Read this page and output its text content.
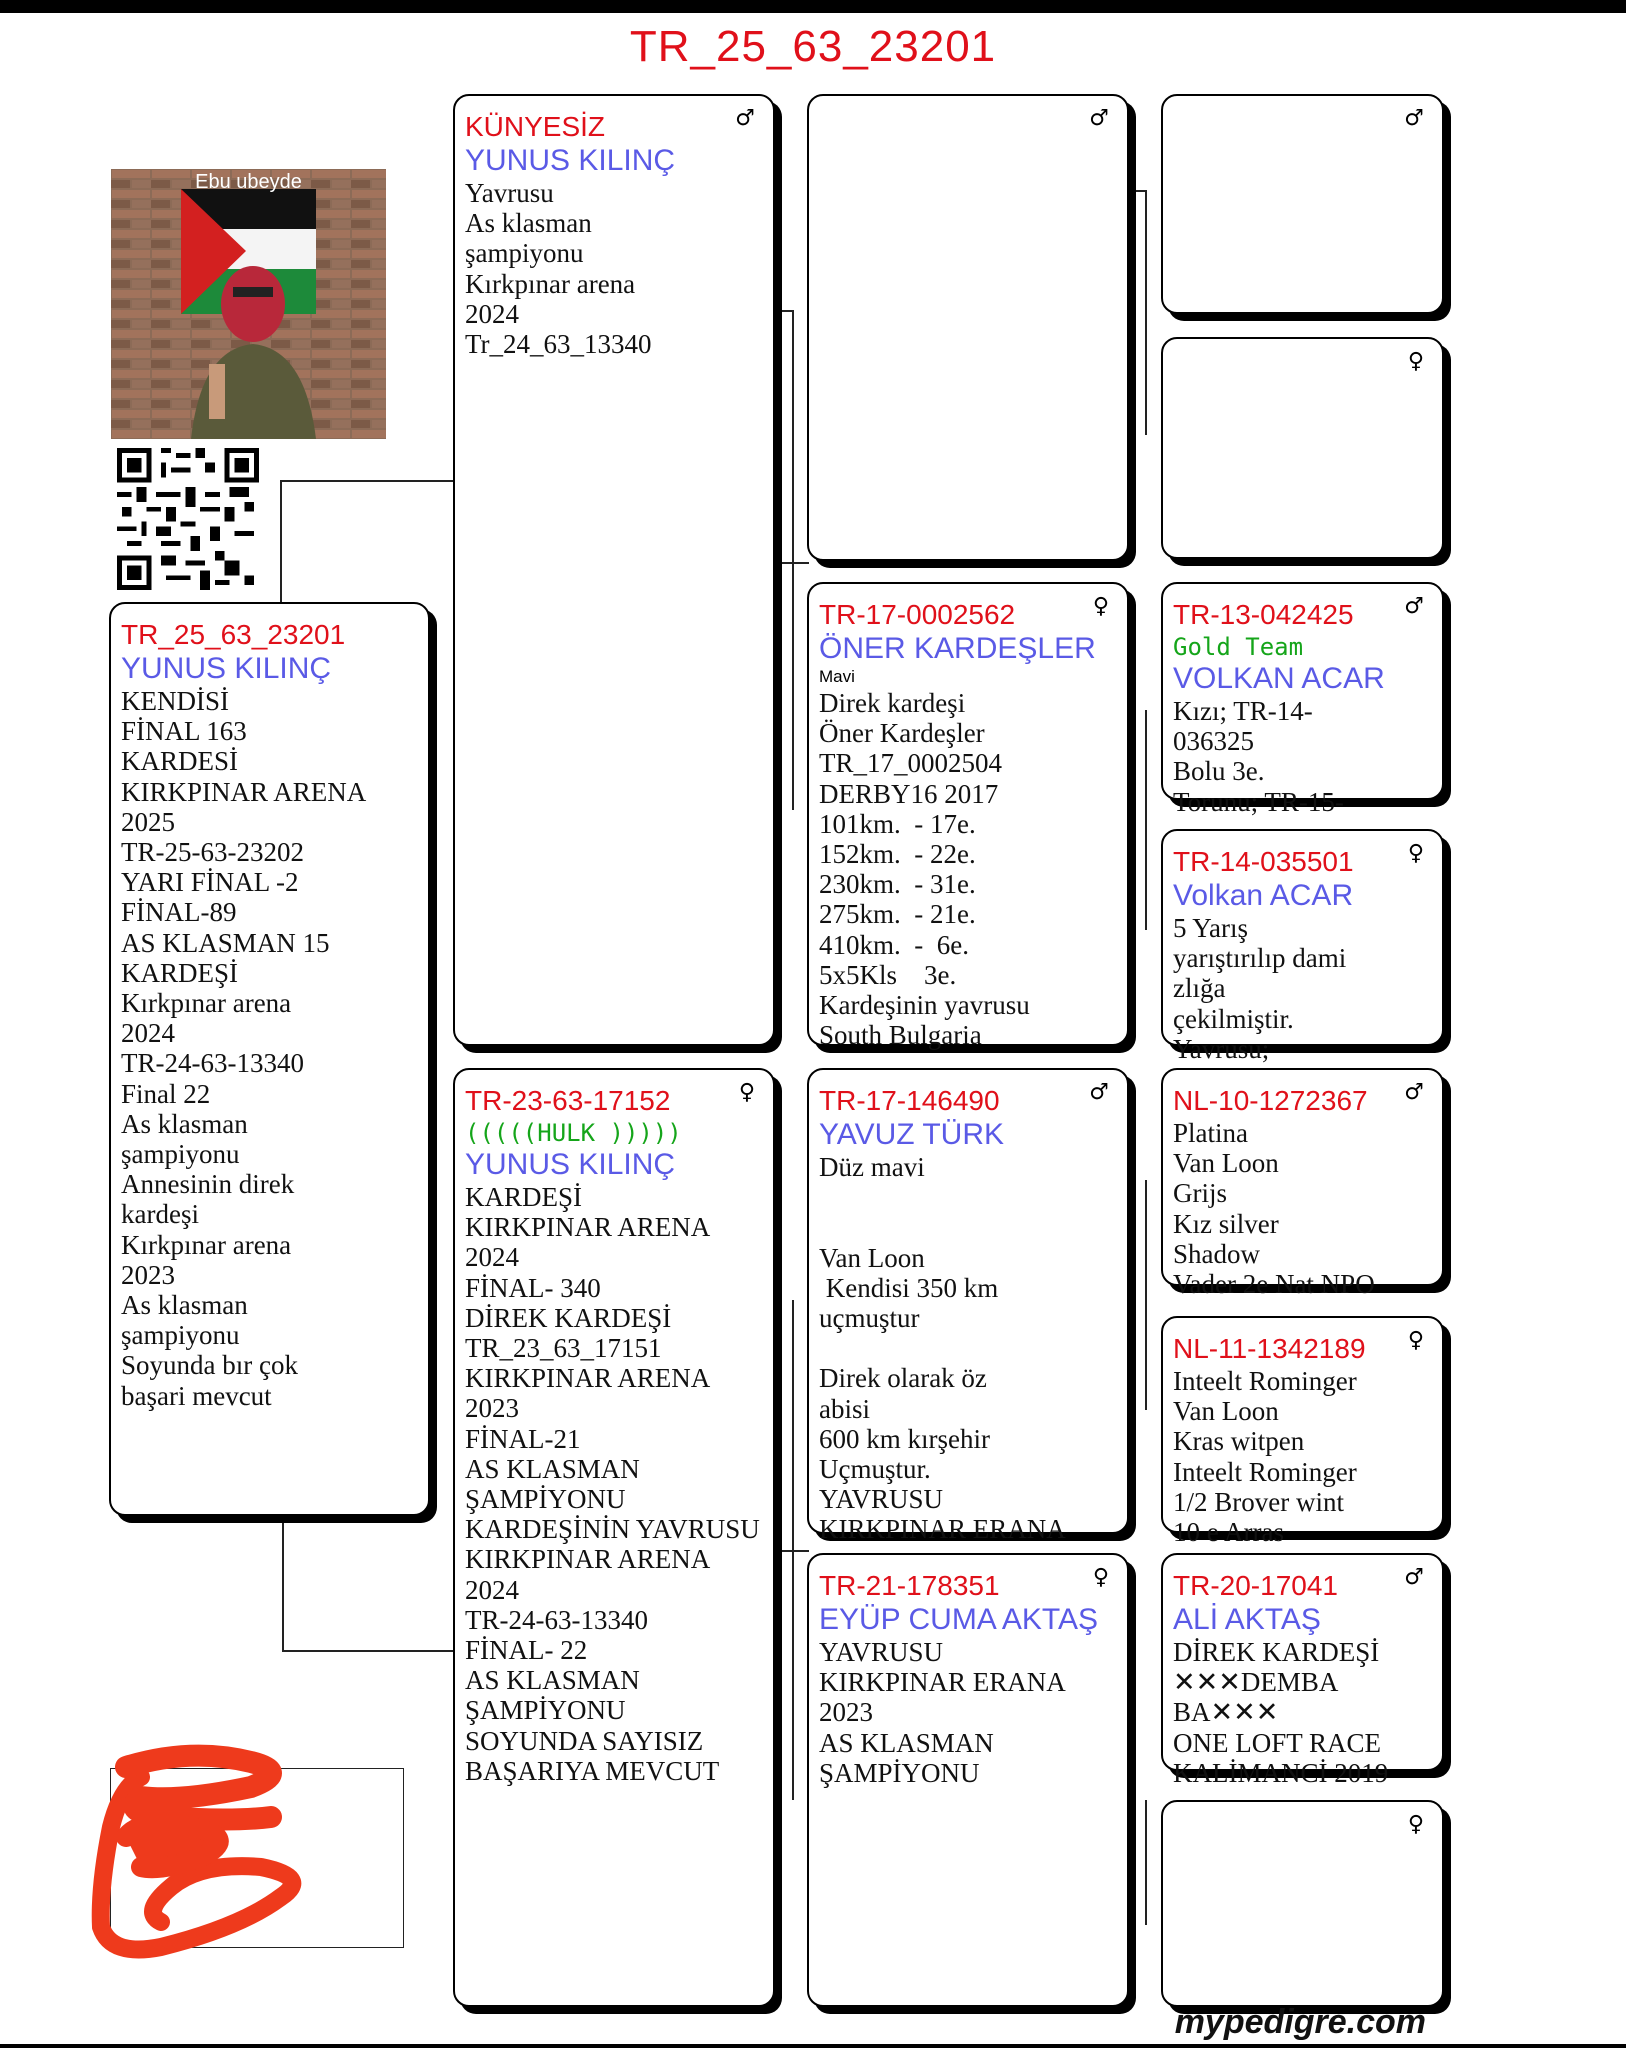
TR_25_63_23201
Ebu ubeyde
TR_25_63_23201
YUNUS KILINÇ
KENDİSİ
FİNAL 163
KARDESİ
KIRKPINAR ARENA
2025
TR-25-63-23202
YARI FİNAL -2
FİNAL-89
AS KLASMAN 15
KARDEŞİ
Kırkpınar arena
2024
TR-24-63-13340
Final 22
As klasman
şampiyonu
Annesinin direk
kardeşi
Kırkpınar arena
2023
As klasman
şampiyonu
Soyunda bır çok
başari mevcut
♂
KÜNYESİZ
YUNUS KILINÇ
Yavrusu
As klasman
şampiyonu
Kırkpınar arena
2024
Tr_24_63_13340
♀
TR-23-63-17152
(((((HULK )))))
YUNUS KILINÇ
KARDEŞİ
KIRKPINAR ARENA
2024
FİNAL- 340
DİREK KARDEŞİ
TR_23_63_17151
KIRKPINAR ARENA
2023
FİNAL-21
AS KLASMAN
ŞAMPİYONU
KARDEŞİNİN YAVRUSU
KIRKPINAR ARENA
2024
TR-24-63-13340
FİNAL- 22
AS KLASMAN
ŞAMPİYONU
SOYUNDA SAYISIZ
BAŞARIYA MEVCUT
♂
♀
TR-17-0002562
ÖNER KARDEŞLER
Mavi
Direk kardeşi
Öner Kardeşler
TR_17_0002504
DERBY16 2017
101km.  - 17e.
152km.  - 22e.
230km.  - 31e.
275km.  - 21e.
410km.  -  6e.
5x5Kls    3e.
Kardeşinin yavrusu
South Bulgaria
♂
TR-17-146490
YAVUZ TÜRK
Düz mavi

Van Loon
Kendisi 350 km
uçmuştur

Direk olarak öz
abisi
600 km kırşehir
Uçmuştur.
YAVRUSU
KIRKPINAR ERANA
♀
TR-21-178351
EYÜP CUMA AKTAŞ
YAVRUSU
KIRKPINAR ERANA
2023
AS KLASMAN
ŞAMPİYONU
♂
♀
♂
TR-13-042425
Gold Team
VOLKAN ACAR
Kızı; TR-14-
036325
Bolu 3e.
Torunu; TR-15-
♀
TR-14-035501
Volkan ACAR
5 Yarış
yarıştırılıp dami
zlığa
çekilmiştir.
Yavrusu;
♂
NL-10-1272367
Platina
Van Loon
Grijs
Kız silver
Shadow
Vader 2e Nat NPO
♀
NL-11-1342189
Inteelt Rominger
Van Loon
Kras witpen
Inteelt Rominger
1/2 Brover wint
10 e Arras
♂
TR-20-17041
ALİ AKTAŞ
DİREK KARDEŞİ
✕✕✕DEMBA
BA✕✕✕
ONE LOFT RACE
KALİMANCİ 2019
♀
mypedigre.com
